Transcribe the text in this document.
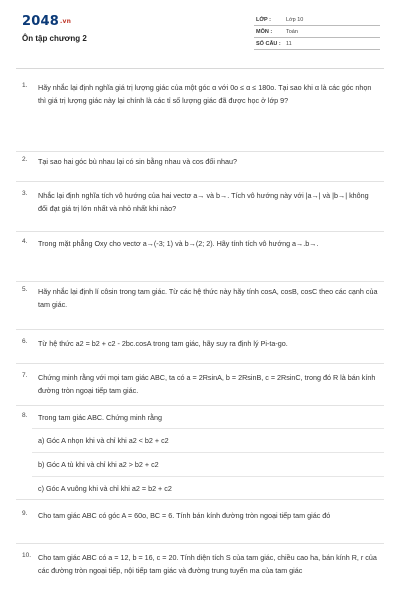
2048.vn
Ôn tập chương 2
LỚP :	Lớp 10
MÔN :	Toán
SỐ CÂU : 11
1. Hãy nhắc lại định nghĩa giá trị lượng giác của một góc α với 0o ≤ α ≤ 180o. Tại sao khi α là các góc nhọn thì giá trị lượng giác này lại chính là các tỉ số lượng giác đã được học ở lớp 9?
2. Tại sao hai góc bù nhau lại có sin bằng nhau và cos đối nhau?
3. Nhắc lại định nghĩa tích vô hướng của hai vectơ a→ và b→. Tích vô hướng này với |a→| và |b→| không đổi đạt giá trị lớn nhất và nhỏ nhất khi nào?
4. Trong mặt phẳng Oxy cho vectơ a→(-3; 1) và b→(2; 2). Hãy tính tích vô hướng a→.b→.
5. Hãy nhắc lại định lí côsin trong tam giác. Từ các hệ thức này hãy tính cosA, cosB, cosC theo các cạnh của tam giác.
6. Từ hệ thức a2 = b2 + c2 - 2bc.cosA trong tam giác, hãy suy ra định lý Pi-ta-go.
7. Chứng minh rằng với mọi tam giác ABC, ta có a = 2RsinA, b = 2RsinB, c = 2RsinC, trong đó R là bán kính đường tròn ngoại tiếp tam giác.
8. Trong tam giác ABC. Chứng minh rằng
a) Góc A nhọn khi và chỉ khi a2 < b2 + c2
b) Góc A tù khi và chỉ khi a2 > b2 + c2
c) Góc A vuông khi và chỉ khi a2 = b2 + c2
9. Cho tam giác ABC có góc A = 60o, BC = 6. Tính bán kính đường tròn ngoại tiếp tam giác đó
10. Cho tam giác ABC có a = 12, b = 16, c = 20. Tính diện tích S của tam giác, chiều cao ha, bán kính R, r của các đường tròn ngoại tiếp, nội tiếp tam giác và đường trung tuyến ma của tam giác
